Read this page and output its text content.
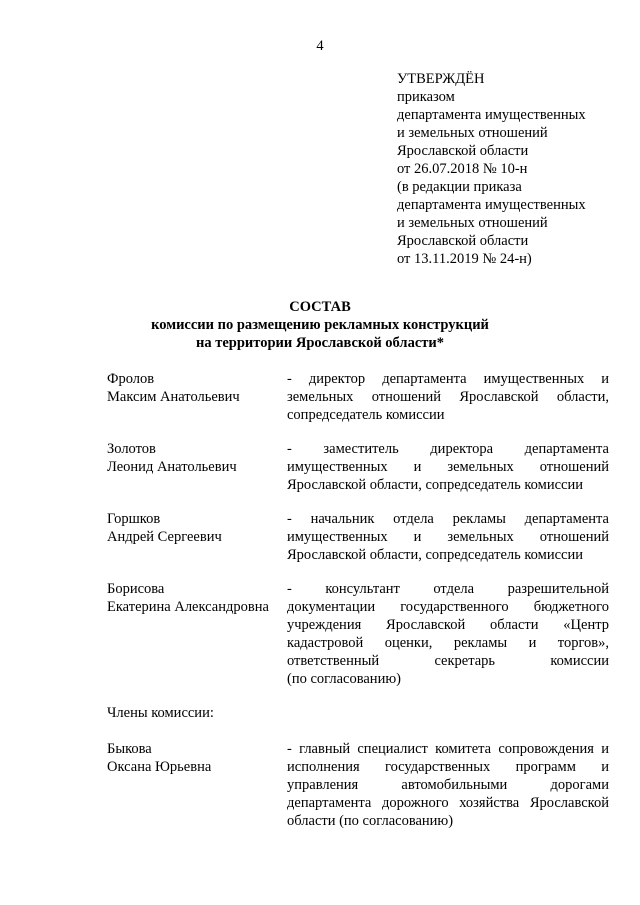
4
УТВЕРЖДЁН
приказом
департамента имущественных
и земельных отношений
Ярославской области
от 26.07.2018 № 10-н
(в редакции приказа
департамента имущественных
и земельных отношений
Ярославской области
от 13.11.2019 № 24-н)
СОСТАВ
комиссии по размещению рекламных конструкций
на территории Ярославской области*
Фролов
Максим Анатольевич
- директор департамента имущественных и
земельных отношений Ярославской области,
сопредседатель комиссии
Золотов
Леонид Анатольевич
- заместитель директора департамента
имущественных и земельных отношений
Ярославской области, сопредседатель комиссии
Горшков
Андрей Сергеевич
- начальник отдела рекламы департамента
имущественных и земельных отношений
Ярославской области, сопредседатель комиссии
Борисова
Екатерина Александровна
- консультант отдела разрешительной
документации государственного бюджетного
учреждения Ярославской области «Центр
кадастровой оценки, рекламы и торгов»,
ответственный секретарь комиссии
(по согласованию)
Члены комиссии:
Быкова
Оксана Юрьевна
- главный специалист комитета сопровождения и
исполнения государственных программ и
управления автомобильными дорогами
департамента дорожного хозяйства Ярославской
области (по согласованию)
